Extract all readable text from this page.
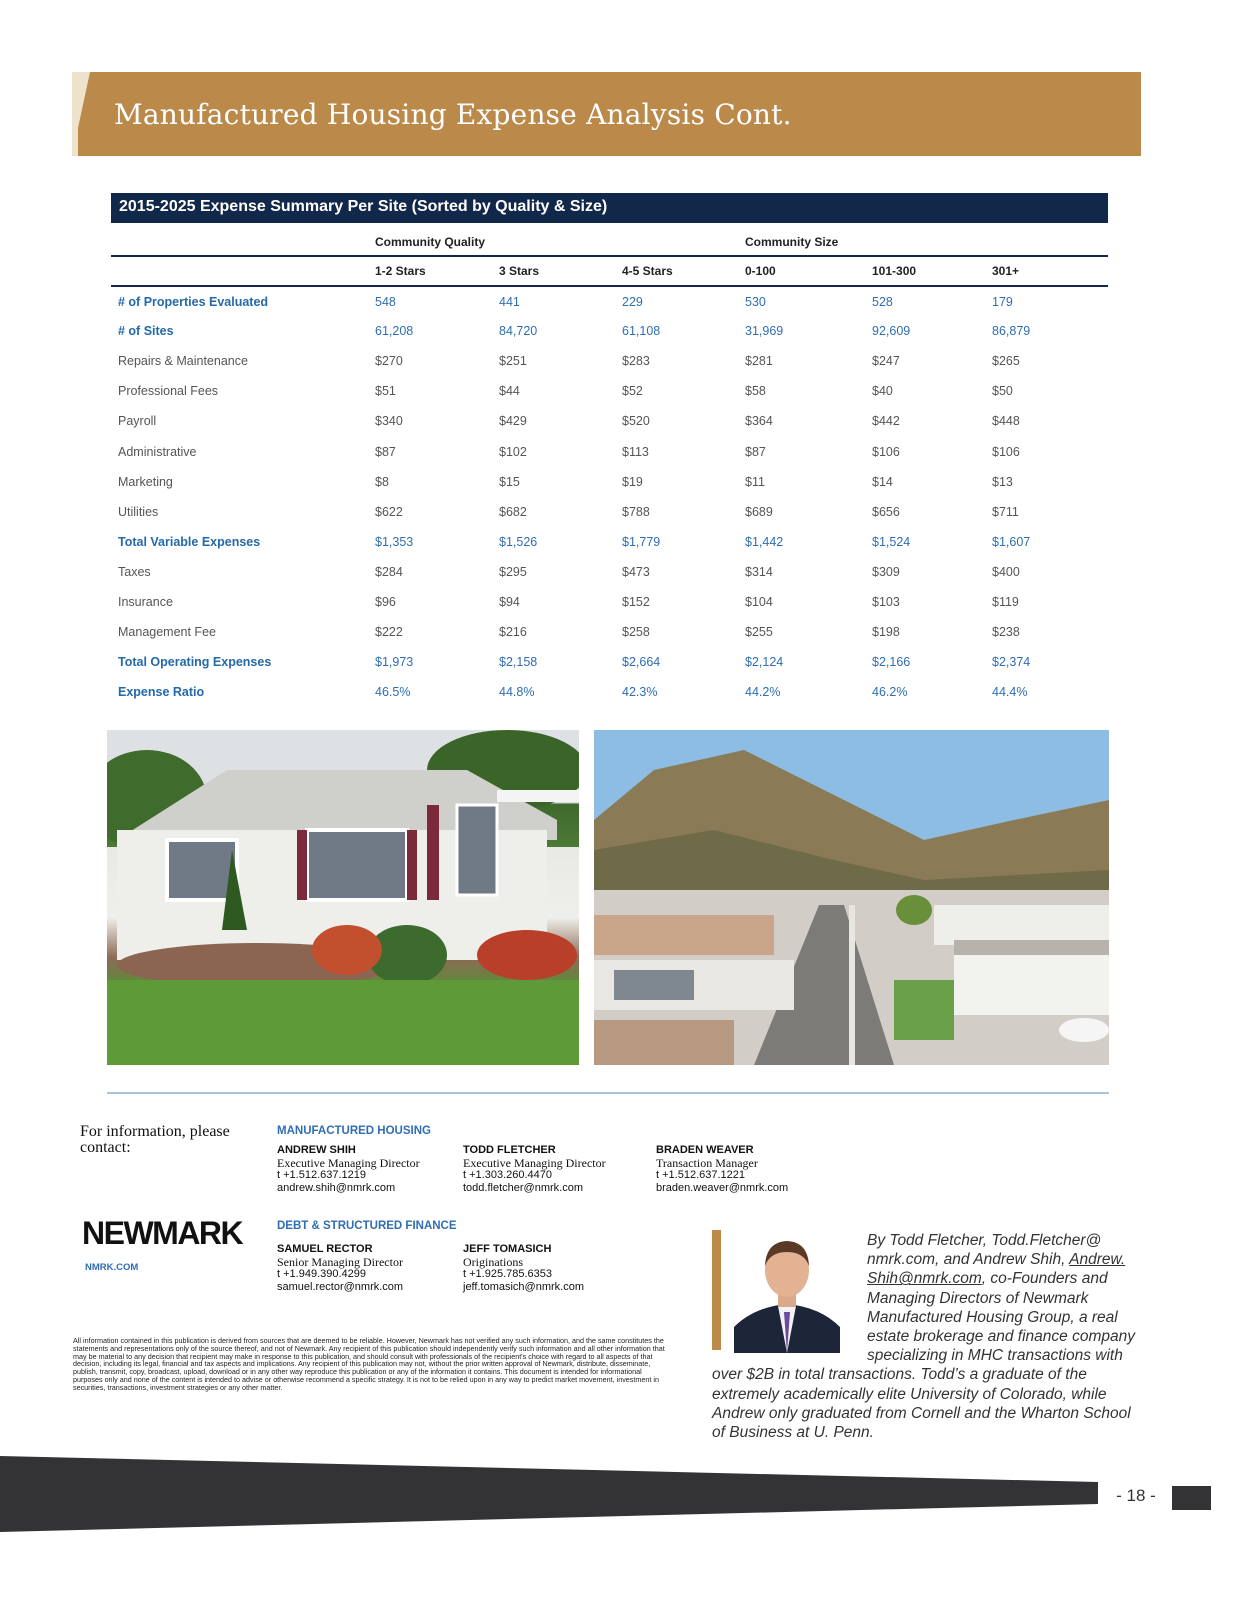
Manufactured Housing Expense Analysis Cont.
2015-2025 Expense Summary Per Site (Sorted by Quality & Size)
	Community Quality			Community Size		
	1-2 Stars	3 Stars	4-5 Stars	0-100	101-300	301+
# of Properties Evaluated	548	441	229	530	528	179
# of Sites	61,208	84,720	61,108	31,969	92,609	86,879
Repairs & Maintenance	$270	$251	$283	$281	$247	$265
Professional Fees	$51	$44	$52	$58	$40	$50
Payroll	$340	$429	$520	$364	$442	$448
Administrative	$87	$102	$113	$87	$106	$106
Marketing	$8	$15	$19	$11	$14	$13
Utilities	$622	$682	$788	$689	$656	$711
Total Variable Expenses	$1,353	$1,526	$1,779	$1,442	$1,524	$1,607
Taxes	$284	$295	$473	$314	$309	$400
Insurance	$96	$94	$152	$104	$103	$119
Management Fee	$222	$216	$258	$255	$198	$238
Total Operating Expenses	$1,973	$2,158	$2,664	$2,124	$2,166	$2,374
Expense Ratio	46.5%	44.8%	42.3%	44.2%	46.2%	44.4%
For information, please contact:
MANUFACTURED HOUSING
ANDREW SHIH
Executive Managing Director
t +1.512.637.1219
andrew.shih@nmrk.com
TODD FLETCHER
Executive Managing Director
t +1.303.260.4470
todd.fletcher@nmrk.com
BRADEN WEAVER
Transaction Manager
t +1.512.637.1221
braden.weaver@nmrk.com
NEWMARK
NMRK.COM
DEBT & STRUCTURED FINANCE
SAMUEL RECTOR
Senior Managing Director
t +1.949.390.4299
samuel.rector@nmrk.com
JEFF TOMASICH
Originations
t +1.925.785.6353
jeff.tomasich@nmrk.com
All information contained in this publication is derived from sources that are deemed to be reliable. However, Newmark has not verified any such information, and the same constitutes the statements and representations only of the source thereof, and not of Newmark. Any recipient of this publication should independently verify such information and all other information that may be material to any decision that recipient may make in response to this publication, and should consult with professionals of the recipient's choice with regard to all aspects of that decision, including its legal, financial and tax aspects and implications. Any recipient of this publication may not, without the prior written approval of Newmark, distribute, disseminate, publish, transmit, copy, broadcast, upload, download or in any other way reproduce this publication or any of the information it contains. This document is intended for informational purposes only and none of the content is intended to advise or otherwise recommend a specific strategy. It is not to be relied upon in any way to predict market movement, investment in securities, transactions, investment strategies or any other matter.
By Todd Fletcher, Todd.Fletcher@ nmrk.com, and Andrew Shih, Andrew. Shih@nmrk.com, co-Founders and Managing Directors of Newmark Manufactured Housing Group, a real estate brokerage and finance company specializing in MHC transactions with over $2B in total transactions. Todd’s a graduate of the extremely academically elite University of Colorado, while Andrew only graduated from Cornell and the Wharton School of Business at U. Penn.
- 18 -
